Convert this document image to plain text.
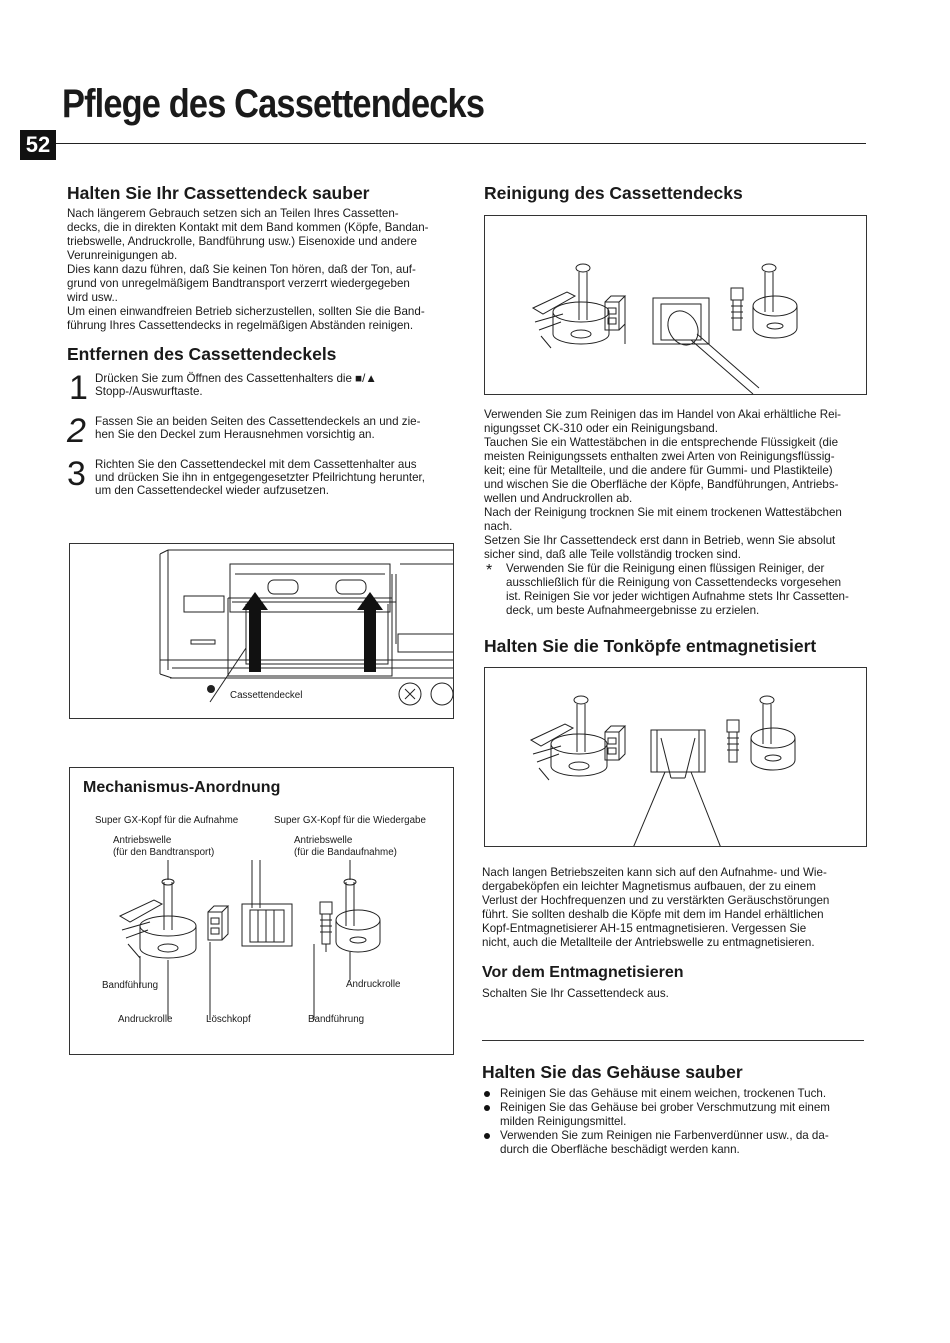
Pflege des Cassettendecks
52
Halten Sie Ihr Cassettendeck sauber

Nach längerem Gebrauch setzen sich an Teilen Ihres Cassetten-

decks, die in direkten Kontakt mit dem Band kommen (Köpfe, Bandan-

triebswelle, Andruckrolle, Bandführung usw.) Eisenoxide und andere

Verunreinigungen ab.

Dies kann dazu führen, daß Sie keinen Ton hören, daß der Ton, auf-

grund von unregelmäßigem Bandtransport verzerrt wiedergegeben

wird usw..

Um einen einwandfreien Betrieb sicherzustellen, sollten Sie die Band-

führung Ihres Cassettendecks in regelmäßigen Abständen reinigen.

Entfernen des Cassettendeckels
1 Drücken Sie zum Öffnen des Cassettenhalters die ■/▲
Stopp-/Auswurftaste.
2 Fassen Sie an beiden Seiten des Cassettendeckels an und zie-
hen Sie den Deckel zum Herausnehmen vorsichtig an.
3 Richten Sie den Cassettendeckel mit dem Cassettenhalter aus
und drücken Sie ihn in entgegengesetzter Pfeilrichtung herunter,
um den Cassettendeckel wieder aufzusetzen.
Cassettendeckel
Mechanismus-Anordnung
Super GX-Kopf für die Aufnahme	Super GX-Kopf für die Wiedergabe
Antriebswelle
(für den Bandtransport)
Antriebswelle
(für die Bandaufnahme)
Bandführung	Andruckrolle
Andruckrolle	Löschkopf	Bandführung
Reinigung des Cassettendecks

Verwenden Sie zum Reinigen das im Handel von Akai erhältliche Rei-

nigungsset CK-310 oder ein Reinigungsband.

Tauchen Sie ein Wattestäbchen in die entsprechende Flüssigkeit (die

meisten Reinigungssets enthalten zwei Arten von Reinigungsflüssig-

keit; eine für Metallteile, und die andere für Gummi- und Plastikteile)

und wischen Sie die Oberfläche der Köpfe, Bandführungen, Antriebs-

wellen und Andruckrollen ab.

Nach der Reinigung trocknen Sie mit einem trockenen Wattestäbchen

nach.

Setzen Sie Ihr Cassettendeck erst dann in Betrieb, wenn Sie absolut

sicher sind, daß alle Teile vollständig trocken sind.

* Verwenden Sie für die Reinigung einen flüssigen Reiniger, der

ausschließlich für die Reinigung von Cassettendecks vorgesehen

ist. Reinigen Sie vor jeder wichtigen Aufnahme stets Ihr Cassetten-

deck, um beste Aufnahmeergebnisse zu erzielen.

Halten Sie die Tonköpfe entmagnetisiert

Nach langen Betriebszeiten kann sich auf den Aufnahme- und Wie-

dergabeköpfen ein leichter Magnetismus aufbauen, der zu einem

Verlust der Hochfrequenzen und zu verstärkten Geräuschstörungen

führt. Sie sollten deshalb die Köpfe mit dem im Handel erhältlichen

Kopf-Entmagnetisierer AH-15 entmagnetisieren. Vergessen Sie

nicht, auch die Metallteile der Antriebswelle zu entmagnetisieren.

Vor dem Entmagnetisieren

Schalten Sie Ihr Cassettendeck aus.

Halten Sie das Gehäuse sauber
Reinigen Sie das Gehäuse mit einem weichen, trockenen Tuch.
Reinigen Sie das Gehäuse bei grober Verschmutzung mit einem
milden Reinigungsmittel.
Verwenden Sie zum Reinigen nie Farbenverdünner usw., da da-
durch die Oberfläche beschädigt werden kann.
